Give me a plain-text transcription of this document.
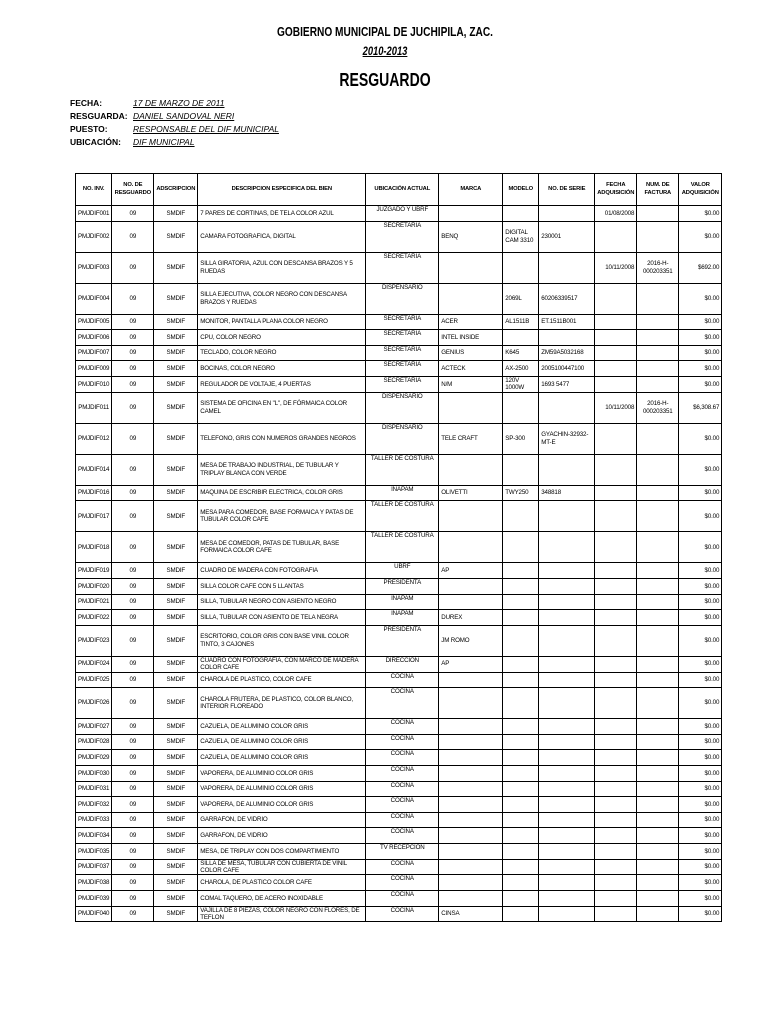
GOBIERNO MUNICIPAL DE JUCHIPILA, ZAC.
2010-2013
RESGUARDO
FECHA:	17 DE MARZO DE 2011
RESGUARDA: DANIEL SANDOVAL NERI
PUESTO:	RESPONSABLE DEL DIF MUNICIPAL
UBICACIÓN:	DIF MUNICIPAL
NO. INV.	NO. DE RESGUARDO	ADSCRIPCION	DESCRIPCION ESPECIFICA DEL BIEN	UBICACIÓN ACTUAL	MARCA	MODELO	NO. DE SERIE	FECHA ADQUISICIÓN	NUM. DE FACTURA	VALOR ADQUISICIÓN
PMJDIF001	09	SMDIF	7 PARES DE CORTINAS, DE TELA COLOR AZUL	JUZGADO Y UBRF				01/08/2008		$0.00
PMJDIF002	09	SMDIF	CAMARA FOTOGRAFICA, DIGITAL	SECRETARIA	BENQ	DIGITAL CAM 3310	230001			$0.00
PMJDIF003	09	SMDIF	SILLA GIRATORIA, AZUL CON DESCANSA BRAZOS Y 5 RUEDAS	SECRETARIA				10/11/2008	2016-H-000203351	$692.00
PMJDIF004	09	SMDIF	SILLA EJECUTIVA, COLOR NEGRO CON DESCANSA BRAZOS Y RUEDAS	DISPENSARIO		2069L	60206339517			$0.00
PMJDIF005	09	SMDIF	MONITOR, PANTALLA PLANA COLOR NEGRO	SECRETARIA	ACER	AL1511B	ET.1511B001			$0.00
PMJDIF006	09	SMDIF	CPU, COLOR NEGRO	SECRETARIA	INTEL INSIDE					$0.00
PMJDIF007	09	SMDIF	TECLADO, COLOR NEGRO	SECRETARIA	GENIUS	K645	ZM59A5032168			$0.00
PMJDIF009	09	SMDIF	BOCINAS, COLOR NEGRO	SECRETARIA	ACTECK	AX-2500	2005100447100			$0.00
PMJDIF010	09	SMDIF	REGULADOR DE VOLTAJE, 4 PUERTAS	SECRETARIA	N/M	120V 1000W	1693 5477			$0.00
PMJDIF011	09	SMDIF	SISTEMA DE OFICINA EN "L", DE FÓRMAICA COLOR CAMEL	DISPENSARIO				10/11/2008	2016-H-000203351	$6,308.67
PMJDIF012	09	SMDIF	TELEFONO, GRIS CON NUMEROS GRANDES NEGROS	DISPENSARIO	TELE CRAFT	SP-300	GYACHIN-32932-MT-E			$0.00
PMJDIF014	09	SMDIF	MESA DE TRABAJO INDUSTRIAL, DE TUBULAR Y TRIPLAY BLANCA CON VERDE	TALLER DE COSTURA						$0.00
PMJDIF016	09	SMDIF	MAQUINA DE ESCRIBIR ELECTRICA, COLOR GRIS	INAPAM	OLIVETTI	TWY250	348818			$0.00
PMJDIF017	09	SMDIF	MESA PARA COMEDOR, BASE FORMAICA Y PATAS DE TUBULAR COLOR CAFE	TALLER DE COSTURA						$0.00
PMJDIF018	09	SMDIF	MESA DE COMEDOR, PATAS DE TUBULAR, BASE FORMAICA COLOR CAFE	TALLER DE COSTURA						$0.00
PMJDIF019	09	SMDIF	CUADRO DE MADERA CON FOTOGRAFIA	UBRF	AP					$0.00
PMJDIF020	09	SMDIF	SILLA COLOR CAFE CON 5 LLANTAS	PRESIDENTA						$0.00
PMJDIF021	09	SMDIF	SILLA, TUBULAR NEGRO CON ASIENTO NEGRO	INAPAM						$0.00
PMJDIF022	09	SMDIF	SILLA, TUBULAR CON ASIENTO DE TELA NEGRA	INAPAM	DUREX					$0.00
PMJDIF023	09	SMDIF	ESCRITORIO, COLOR GRIS CON BASE VINIL COLOR TINTO, 3 CAJONES	PRESIDENTA	JM ROMO					$0.00
PMJDIF024	09	SMDIF	CUADRO CON FOTOGRAFIA, CON MARCO DE MADERA COLOR CAFE	DIRECCION	AP					$0.00
PMJDIF025	09	SMDIF	CHAROLA DE PLASTICO, COLOR CAFE	COCINA						$0.00
PMJDIF026	09	SMDIF	CHAROLA FRUTERA, DE PLASTICO, COLOR BLANCO, INTERIOR FLOREADO	COCINA						$0.00
PMJDIF027	09	SMDIF	CAZUELA, DE ALUMINIO COLOR GRIS	COCINA						$0.00
PMJDIF028	09	SMDIF	CAZUELA, DE ALUMINIO COLOR GRIS	COCINA						$0.00
PMJDIF029	09	SMDIF	CAZUELA, DE ALUMINIO COLOR GRIS	COCINA						$0.00
PMJDIF030	09	SMDIF	VAPORERA, DE ALUMINIO COLOR GRIS	COCINA						$0.00
PMJDIF031	09	SMDIF	VAPORERA, DE ALUMINIO COLOR GRIS	COCINA						$0.00
PMJDIF032	09	SMDIF	VAPORERA, DE ALUMINIO COLOR GRIS	COCINA						$0.00
PMJDIF033	09	SMDIF	GARRAFON, DE VIDRIO	COCINA						$0.00
PMJDIF034	09	SMDIF	GARRAFON, DE VIDRIO	COCINA						$0.00
PMJDIF035	09	SMDIF	MESA, DE TRIPLAY CON DOS COMPARTIMIENTO	TV RECEPCION						$0.00
PMJDIF037	09	SMDIF	SILLA DE MESA, TUBULAR CON CUBIERTA DE VINIL COLOR CAFE	COCINA						$0.00
PMJDIF038	09	SMDIF	CHAROLA, DE PLASTICO COLOR CAFE	COCINA						$0.00
PMJDIF039	09	SMDIF	COMAL TAQUERO, DE ACERO INOXIDABLE	COCINA						$0.00
PMJDIF040	09	SMDIF	VAJILLA DE 8 PIEZAS, COLOR NEGRO CON FLORES, DE TEFLON	COCINA	CINSA					$0.00
